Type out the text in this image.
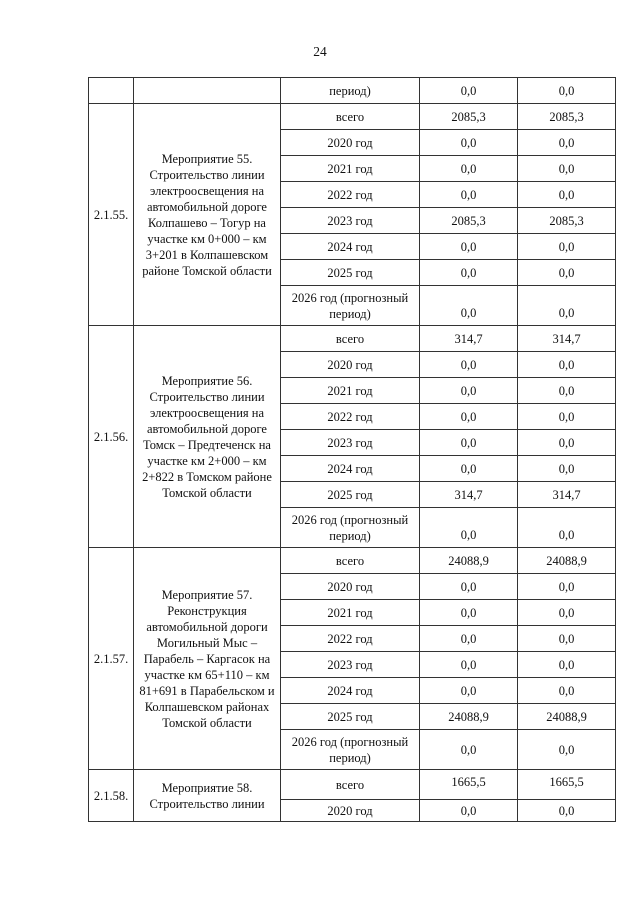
24
		период)	0,0	0,0
2.1.55.	Мероприятие 55. Строительство линии электроосвещения на автомобильной дороге Колпашево – Тогур на участке км 0+000 – км 3+201 в Колпашевском районе Томской области	всего	2085,3	2085,3
		2020 год	0,0	0,0
		2021 год	0,0	0,0
		2022 год	0,0	0,0
		2023 год	2085,3	2085,3
		2024 год	0,0	0,0
		2025 год	0,0	0,0
		2026 год (прогнозный период)	0,0	0,0
2.1.56.	Мероприятие 56. Строительство линии электроосвещения на автомобильной дороге Томск – Предтеченск на участке км 2+000 – км 2+822 в Томском районе Томской области	всего	314,7	314,7
		2020 год	0,0	0,0
		2021 год	0,0	0,0
		2022 год	0,0	0,0
		2023 год	0,0	0,0
		2024 год	0,0	0,0
		2025 год	314,7	314,7
		2026 год (прогнозный период)	0,0	0,0
2.1.57.	Мероприятие 57. Реконструкция автомобильной дороги Могильный Мыс – Парабель – Каргасок на участке км 65+110 – км 81+691 в Парабельском и Колпашевском районах Томской области	всего	24088,9	24088,9
		2020 год	0,0	0,0
		2021 год	0,0	0,0
		2022 год	0,0	0,0
		2023 год	0,0	0,0
		2024 год	0,0	0,0
		2025 год	24088,9	24088,9
		2026 год (прогнозный период)	0,0	0,0
2.1.58.	Мероприятие 58. Строительство линии	всего	1665,5	1665,5
		2020 год	0,0	0,0
